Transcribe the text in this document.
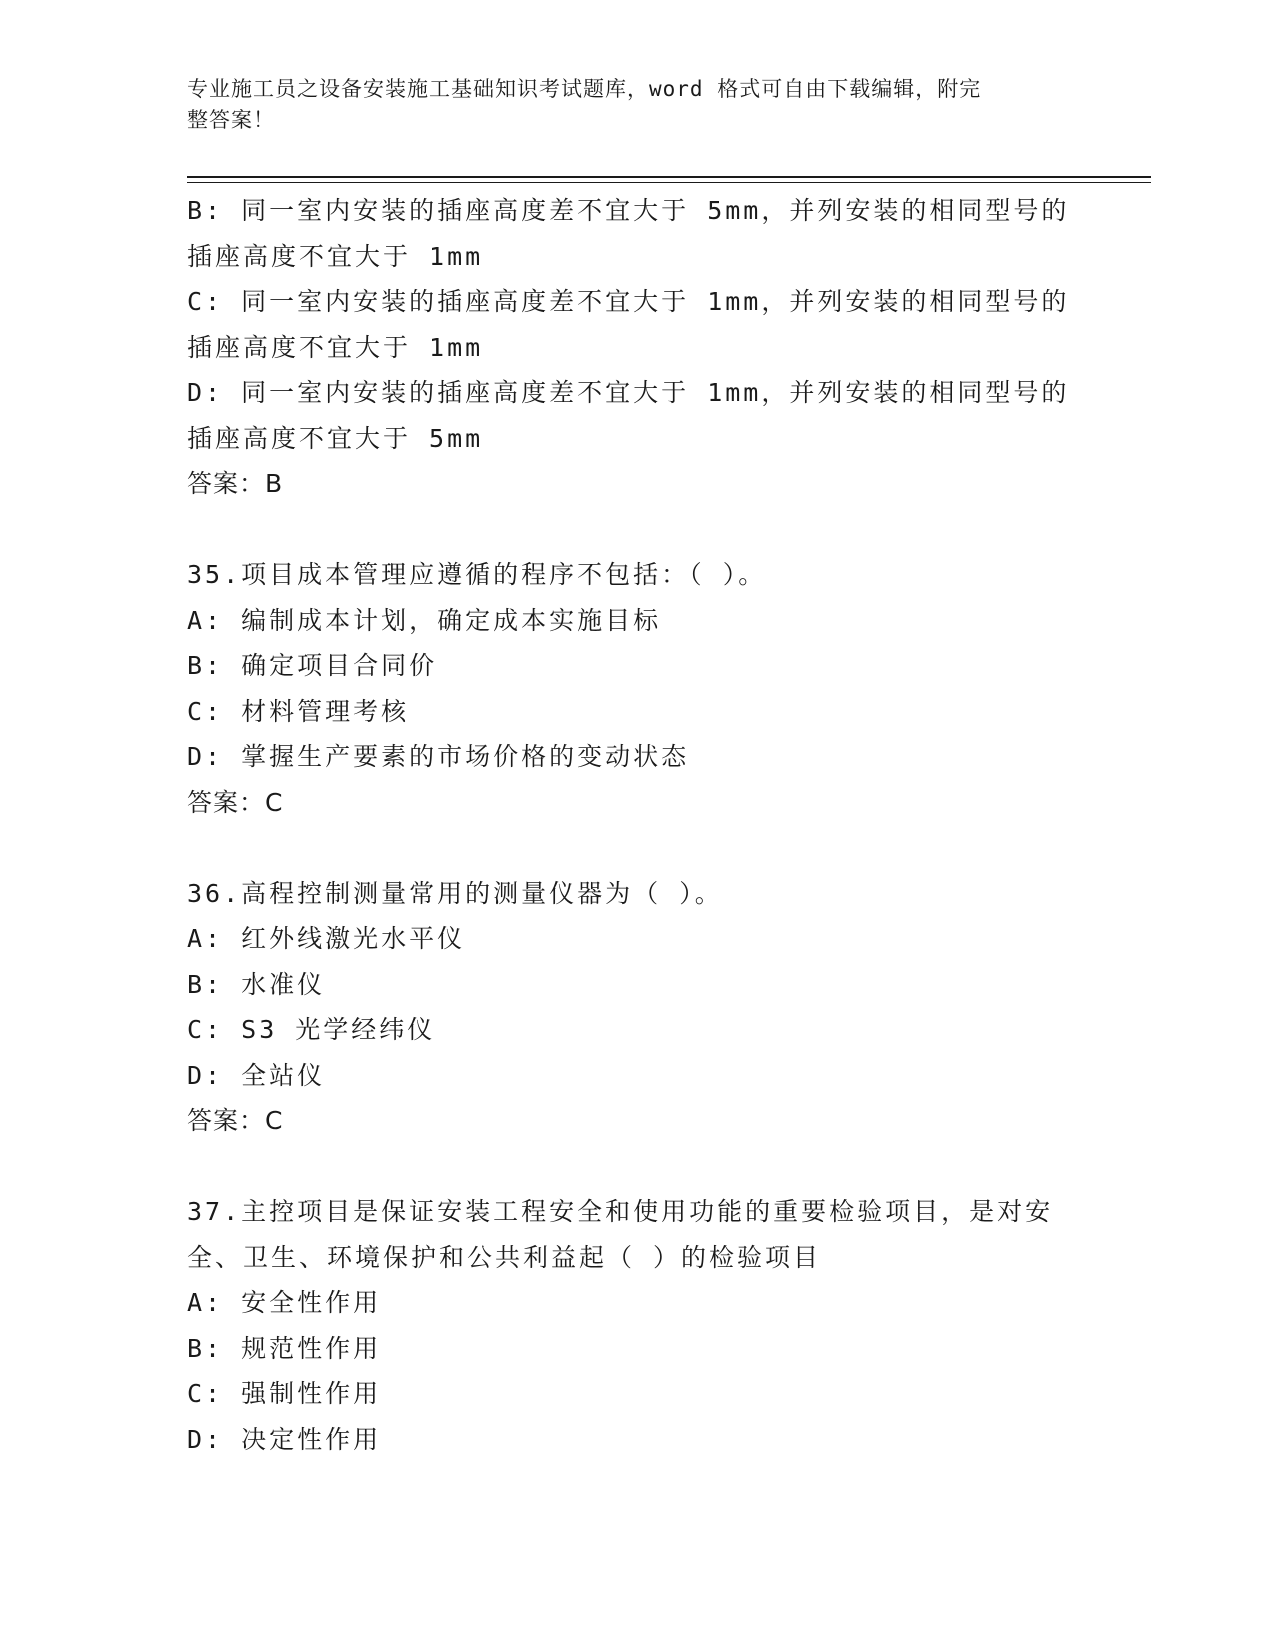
专业施工员之设备安装施工基础知识考试题库，word 格式可自由下载编辑，附完
整答案！
B: 同一室内安装的插座高度差不宜大于 5mm，并列安装的相同型号的
插座高度不宜大于 1mm
C: 同一室内安装的插座高度差不宜大于 1mm，并列安装的相同型号的
插座高度不宜大于 1mm
D: 同一室内安装的插座高度差不宜大于 1mm，并列安装的相同型号的
插座高度不宜大于 5mm
答案：B
35.项目成本管理应遵循的程序不包括：（ ）。
A: 编制成本计划，确定成本实施目标
B: 确定项目合同价
C: 材料管理考核
D: 掌握生产要素的市场价格的变动状态
答案：C
36.高程控制测量常用的测量仪器为（ ）。
A: 红外线激光水平仪
B: 水准仪
C: S3 光学经纬仪
D: 全站仪
答案：C
37.主控项目是保证安装工程安全和使用功能的重要检验项目，是对安
全、卫生、环境保护和公共利益起（ ）的检验项目
A: 安全性作用
B: 规范性作用
C: 强制性作用
D: 决定性作用
